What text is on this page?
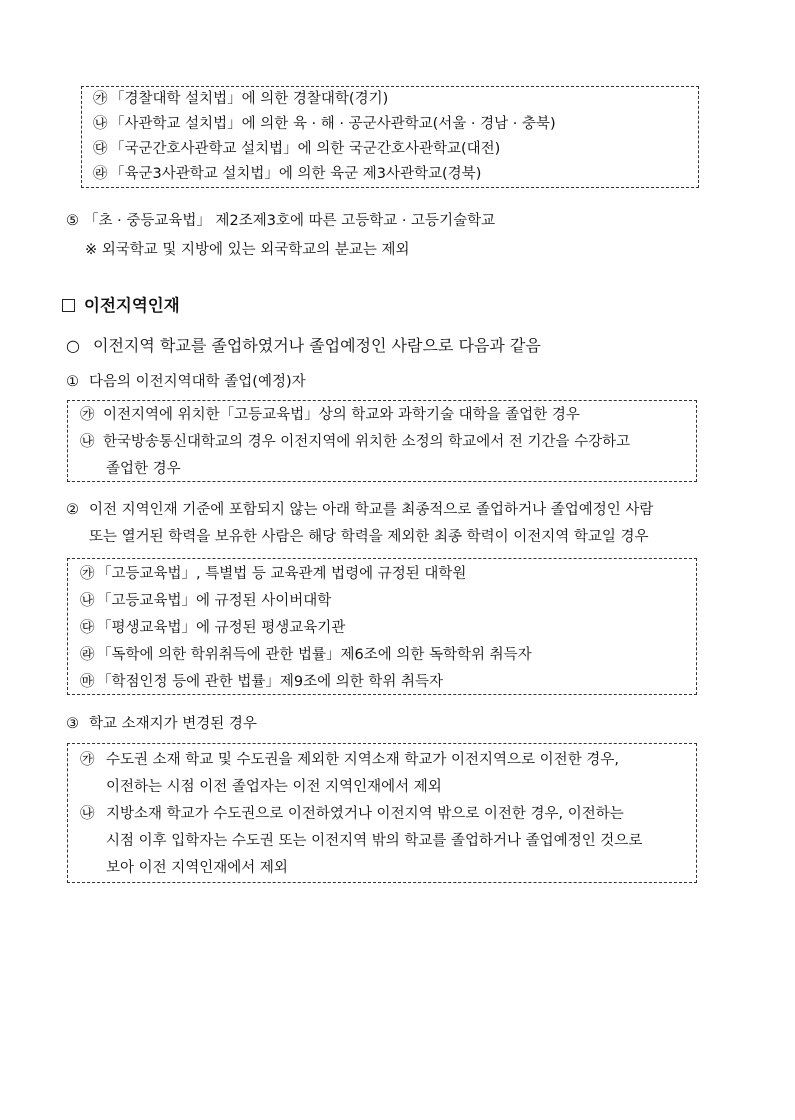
㉮ 「경찰대학 설치법」에 의한 경찰대학(경기)
㉯ 「사관학교 설치법」에 의한 육 · 해 · 공군사관학교(서울 · 경남 · 충북)
㉰ 「국군간호사관학교 설치법」에 의한 국군간호사관학교(대전)
㉱ 「육군3사관학교 설치법」에 의한 육군 제3사관학교(경북)
⑤ 「초 · 중등교육법」 제2조제3호에 따른 고등학교 · 고등기술학교
※ 외국학교 및 지방에 있는 외국학교의 분교는 제외
이전지역인재
○ 이전지역 학교를 졸업하였거나 졸업예정인 사람으로 다음과 같음
① 다음의 이전지역대학 졸업(예정)자
㉮ 이전지역에 위치한「고등교육법」상의 학교와 과학기술 대학을 졸업한 경우
㉯ 한국방송통신대학교의 경우 이전지역에 위치한 소정의 학교에서 전 기간을 수강하고
졸업한 경우
② 이전 지역인재 기준에 포함되지 않는 아래 학교를 최종적으로 졸업하거나 졸업예정인 사람
또는 열거된 학력을 보유한 사람은 해당 학력을 제외한 최종 학력이 이전지역 학교일 경우
㉮ 「고등교육법」, 특별법 등 교육관계 법령에 규정된 대학원
㉯ 「고등교육법」에 규정된 사이버대학
㉰ 「평생교육법」에 규정된 평생교육기관
㉱ 「독학에 의한 학위취득에 관한 법률」제6조에 의한 독학학위 취득자
㉲ 「학점인정 등에 관한 법률」제9조에 의한 학위 취득자
③ 학교 소재지가 변경된 경우
㉮ 수도권 소재 학교 및 수도권을 제외한 지역소재 학교가 이전지역으로 이전한 경우,
이전하는 시점 이전 졸업자는 이전 지역인재에서 제외
㉯ 지방소재 학교가 수도권으로 이전하였거나 이전지역 밖으로 이전한 경우, 이전하는
시점 이후 입학자는 수도권 또는 이전지역 밖의 학교를 졸업하거나 졸업예정인 것으로
보아 이전 지역인재에서 제외
